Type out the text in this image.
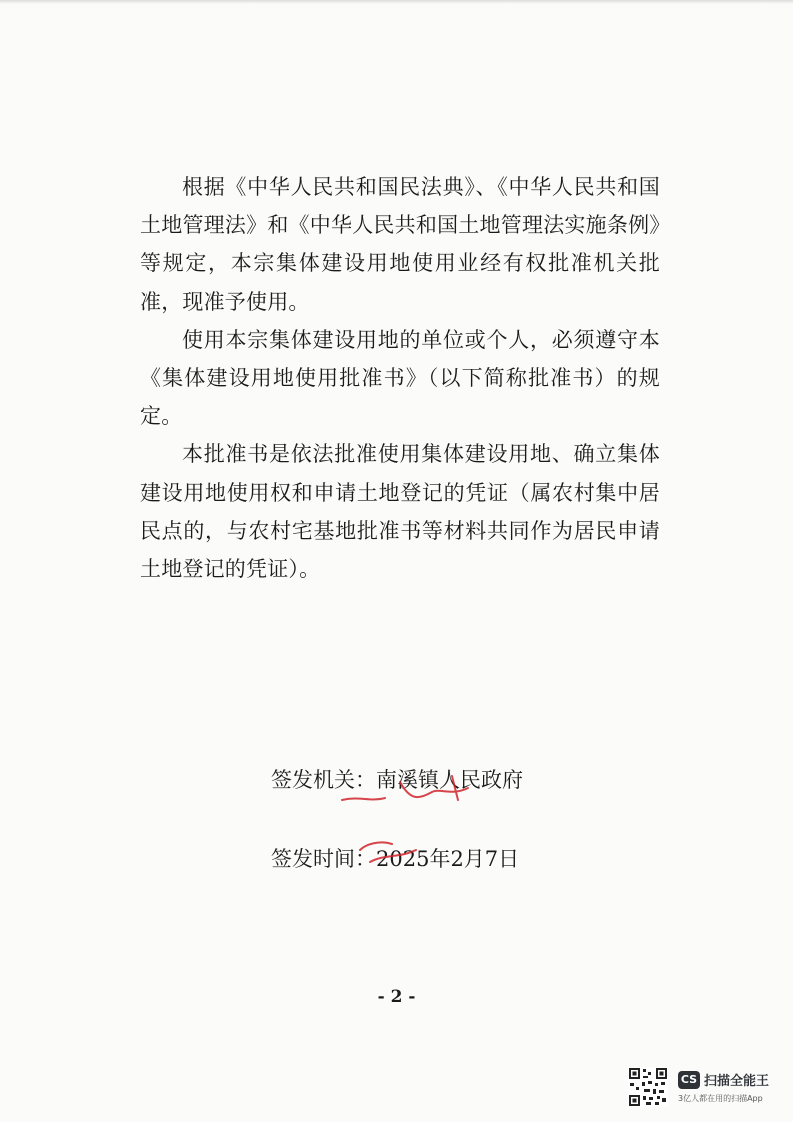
根据《中华人民共和国民法典》、《中华人民共和国土地管理法》和《中华人民共和国土地管理法实施条例》等规定，本宗集体建设用地使用业经有权批准机关批准，现准予使用。

使用本宗集体建设用地的单位或个人，必须遵守本《集体建设用地使用批准书》（以下简称批准书）的规定。

本批准书是依法批准使用集体建设用地、确立集体建设用地使用权和申请土地登记的凭证（属农村集中居民点的，与农村宅基地批准书等材料共同作为居民申请土地登记的凭证）。

签发机关：南溪镇人民政府
签发时间：2025年2月7日
- 2 -
CS 扫描全能王
3亿人都在用的扫描App
